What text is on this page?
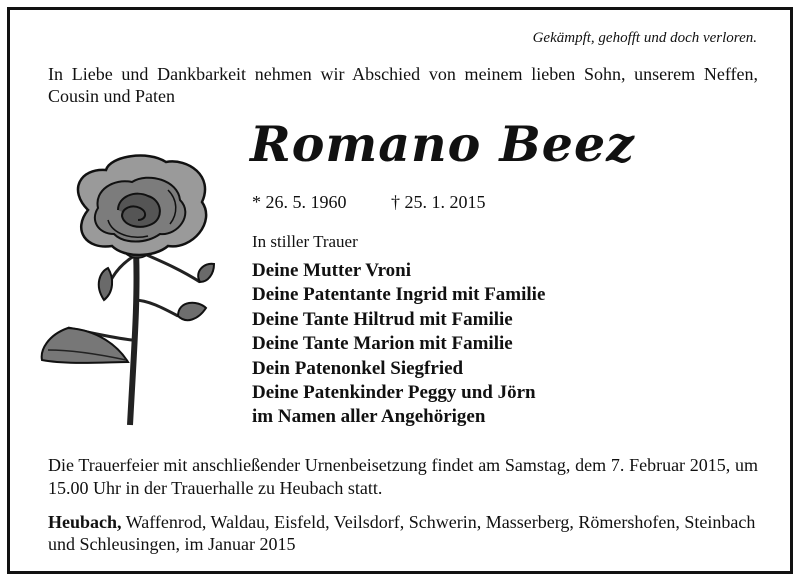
Gekämpft, gehofft und doch verloren.
In Liebe und Dankbarkeit nehmen wir Abschied von meinem lieben Sohn, unserem Neffen, Cousin und Paten
Romano Beez
* 26. 5. 1960 † 25. 1. 2015
In stiller Trauer
Deine Mutter Vroni
Deine Patentante Ingrid mit Familie
Deine Tante Hiltrud mit Familie
Deine Tante Marion mit Familie
Dein Patenonkel Siegfried
Deine Patenkinder Peggy und Jörn
im Namen aller Angehörigen
Die Trauerfeier mit anschließender Urnenbeisetzung findet am Samstag, dem 7. Februar 2015, um 15.00 Uhr in der Trauerhalle zu Heubach statt.
Heubach, Waffenrod, Waldau, Eisfeld, Veilsdorf, Schwerin, Masserberg, Römershofen, Steinbach und Schleusingen, im Januar 2015
